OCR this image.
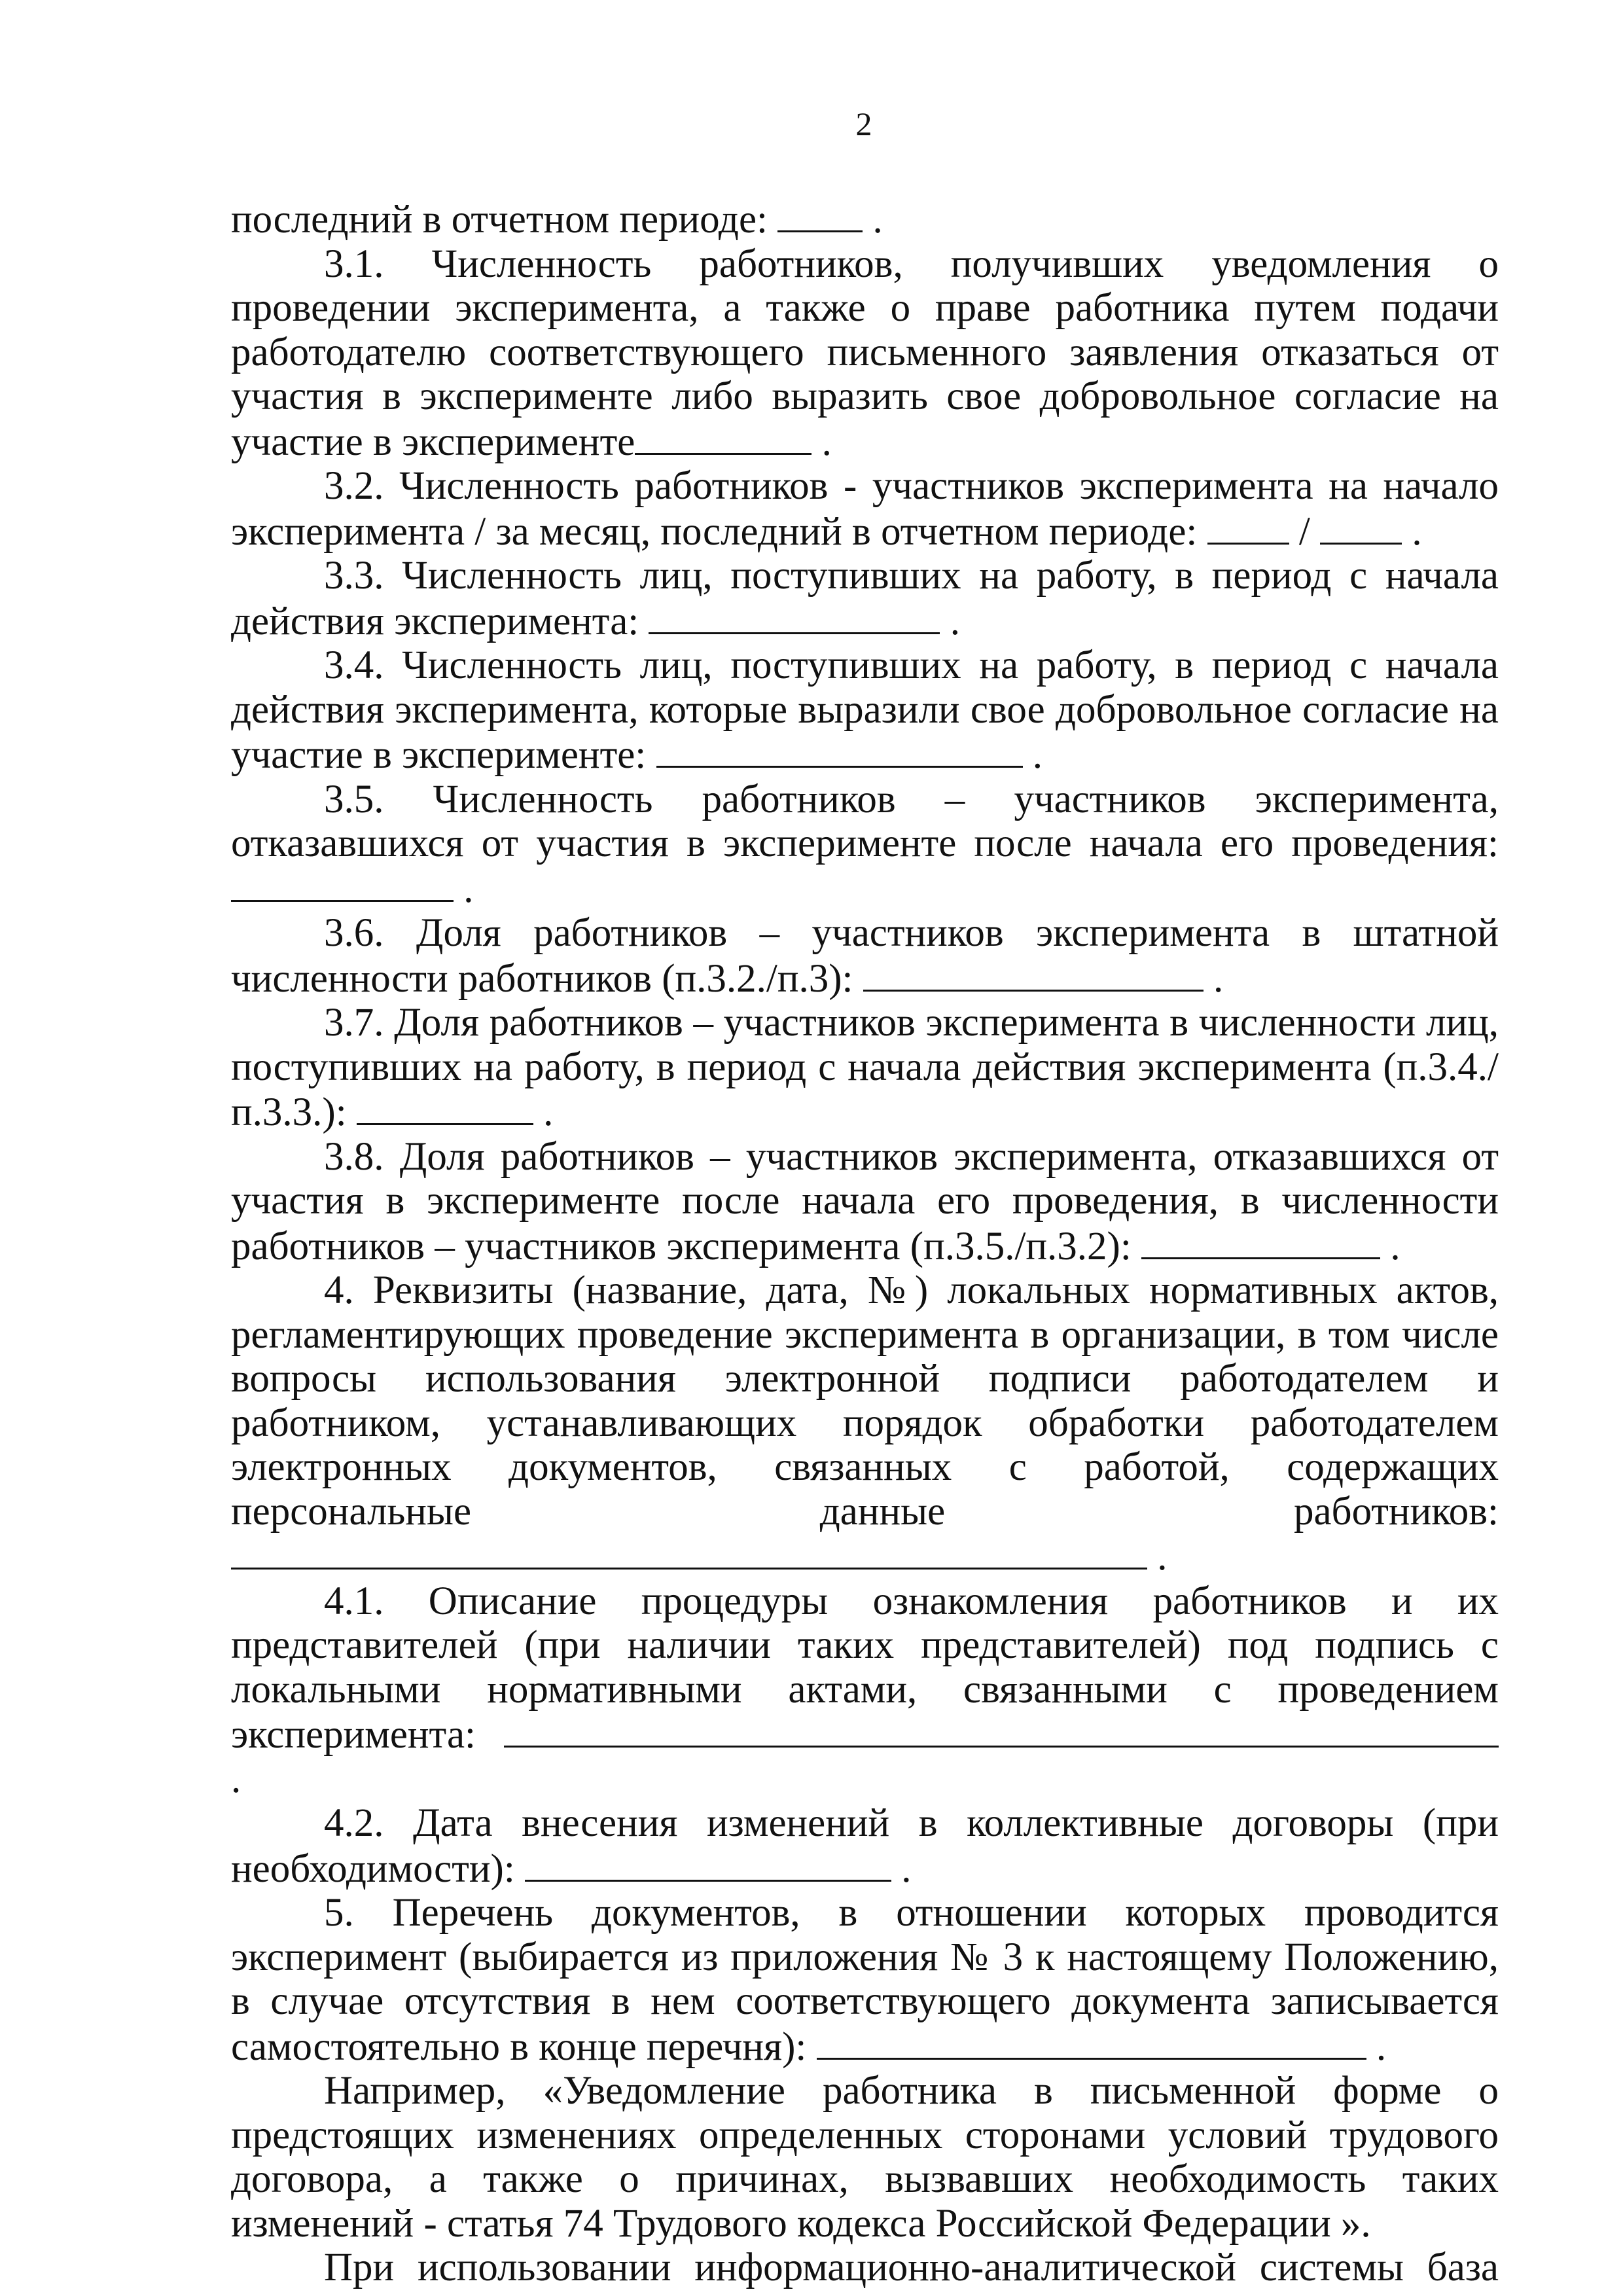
2

последний в отчетном периоде:  .

3.1. Численность работников, получивших уведомления о проведении эксперимента, а также о праве работника путем подачи работодателю соответствующего письменного заявления отказаться от участия в эксперименте либо выразить свое добровольное согласие на участие в эксперименте	.

3.2. Численность работников - участников эксперимента на начало эксперимента / за месяц, последний в отчетном периоде:  /  .

3.3. Численность лиц, поступивших на работу, в период с начала действия эксперимента:	.

3.4. Численность лиц, поступивших на работу, в период с начала действия эксперимента, которые выразили свое добровольное согласие на участие в эксперименте:	.

3.5. Численность работников – участников эксперимента, отказавшихся от участия в эксперименте после начала его проведения:  .

3.6. Доля работников – участников эксперимента в штатной численности работников (п.3.2./п.3):	.

3.7. Доля работников – участников эксперимента в численности лиц, поступивших на работу, в период с начала действия эксперимента (п.3.4./п.3.3.):	.

3.8. Доля работников – участников эксперимента, отказавшихся от участия в эксперименте после начала его проведения, в численности работников – участников эксперимента (п.3.5./п.3.2):	.

4. Реквизиты (название, дата, №) локальных нормативных актов, регламентирующих проведение эксперимента в организации, в том числе вопросы использования электронной подписи работодателем и работником, устанавливающих порядок обработки работодателем электронных документов, связанных с работой, содержащих персональные данные работников:  .

4.1. Описание процедуры ознакомления работников и их представителей (при наличии таких представителей) под подпись с локальными нормативными актами, связанными с проведением эксперимента:  .

4.2. Дата внесения изменений в коллективные договоры (при необходимости):	.

5. Перечень документов, в отношении которых проводится эксперимент (выбирается из приложения № 3 к настоящему Положению, в случае отсутствия в нем соответствующего документа записывается самостоятельно в конце перечня):	.

Например, «Уведомление работника в письменной форме о предстоящих изменениях определенных сторонами условий трудового договора, а также о причинах, вызвавших необходимость таких изменений - статья 74 Трудового кодекса Российской Федерации ».

При использовании информационно-аналитической системы база
